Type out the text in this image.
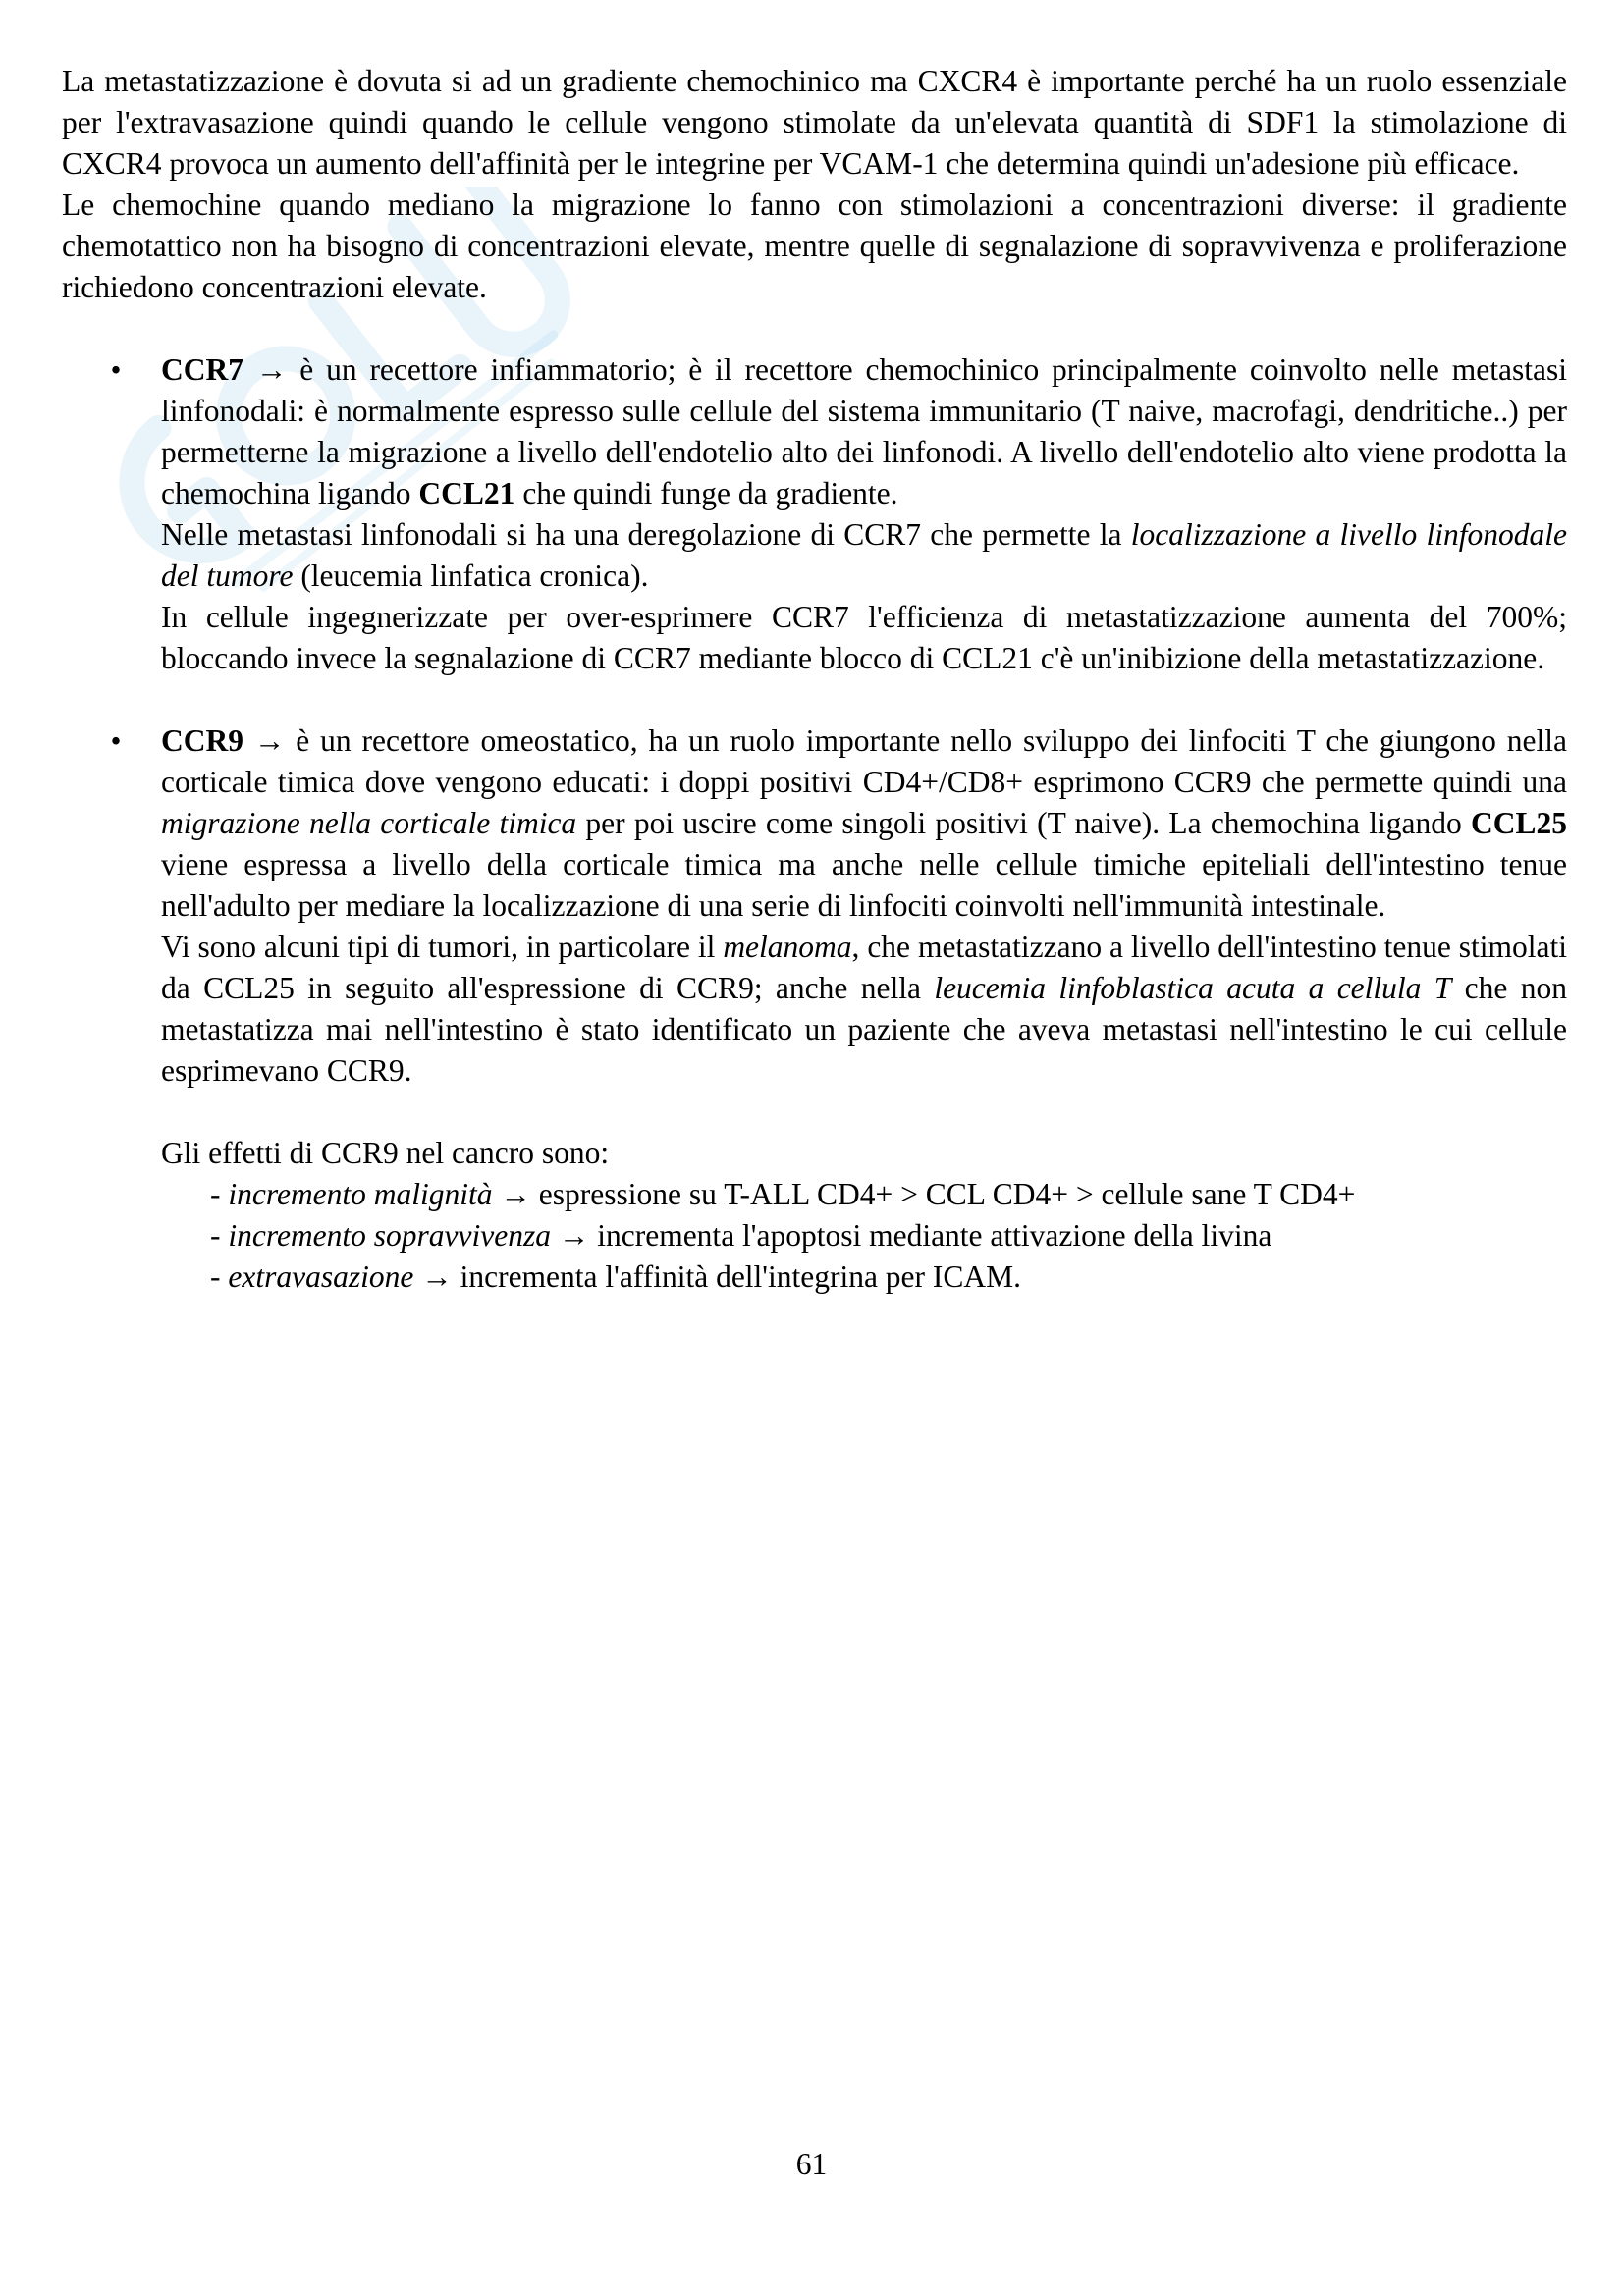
La metastatizzazione è dovuta si ad un gradiente chemochinico ma CXCR4 è importante perché ha un ruolo essenziale per l'extravasazione quindi quando le cellule vengono stimolate da un'elevata quantità di SDF1 la stimolazione di CXCR4 provoca un aumento dell'affinità per le integrine per VCAM-1 che determina quindi un'adesione più efficace.

Le chemochine quando mediano la migrazione lo fanno con stimolazioni a concentrazioni diverse: il gradiente chemotattico non ha bisogno di concentrazioni elevate, mentre quelle di segnalazione di sopravvivenza e proliferazione richiedono concentrazioni elevate.

• CCR7 → è un recettore infiammatorio; è il recettore chemochinico principalmente coinvolto nelle metastasi linfonodali: è normalmente espresso sulle cellule del sistema immunitario (T naive, macrofagi, dendritiche..) per permetterne la migrazione a livello dell'endotelio alto dei linfonodi. A livello dell'endotelio alto viene prodotta la chemochina ligando CCL21 che quindi funge da gradiente.

Nelle metastasi linfonodali si ha una deregolazione di CCR7 che permette la localizzazione a livello linfonodale del tumore (leucemia linfatica cronica).

In cellule ingegnerizzate per over-esprimere CCR7 l'efficienza di metastatizzazione aumenta del 700%; bloccando invece la segnalazione di CCR7 mediante blocco di CCL21 c'è un'inibizione della metastatizzazione.

• CCR9 → è un recettore omeostatico, ha un ruolo importante nello sviluppo dei linfociti T che giungono nella corticale timica dove vengono educati: i doppi positivi CD4+/CD8+ esprimono CCR9 che permette quindi una migrazione nella corticale timica per poi uscire come singoli positivi (T naive). La chemochina ligando CCL25 viene espressa a livello della corticale timica ma anche nelle cellule timiche epiteliali dell'intestino tenue nell'adulto per mediare la localizzazione di una serie di linfociti coinvolti nell'immunità intestinale.

Vi sono alcuni tipi di tumori, in particolare il melanoma, che metastatizzano a livello dell'intestino tenue stimolati da CCL25 in seguito all'espressione di CCR9; anche nella leucemia linfoblastica acuta a cellula T che non metastatizza mai nell'intestino è stato identificato un paziente che aveva metastasi nell'intestino le cui cellule esprimevano CCR9.

Gli effetti di CCR9 nel cancro sono:

- incremento malignità → espressione su T-ALL CD4+ > CCL CD4+ > cellule sane T CD4+
- incremento sopravvivenza → incrementa l'apoptosi mediante attivazione della livina
- extravasazione → incrementa l'affinità dell'integrina per ICAM.
61
